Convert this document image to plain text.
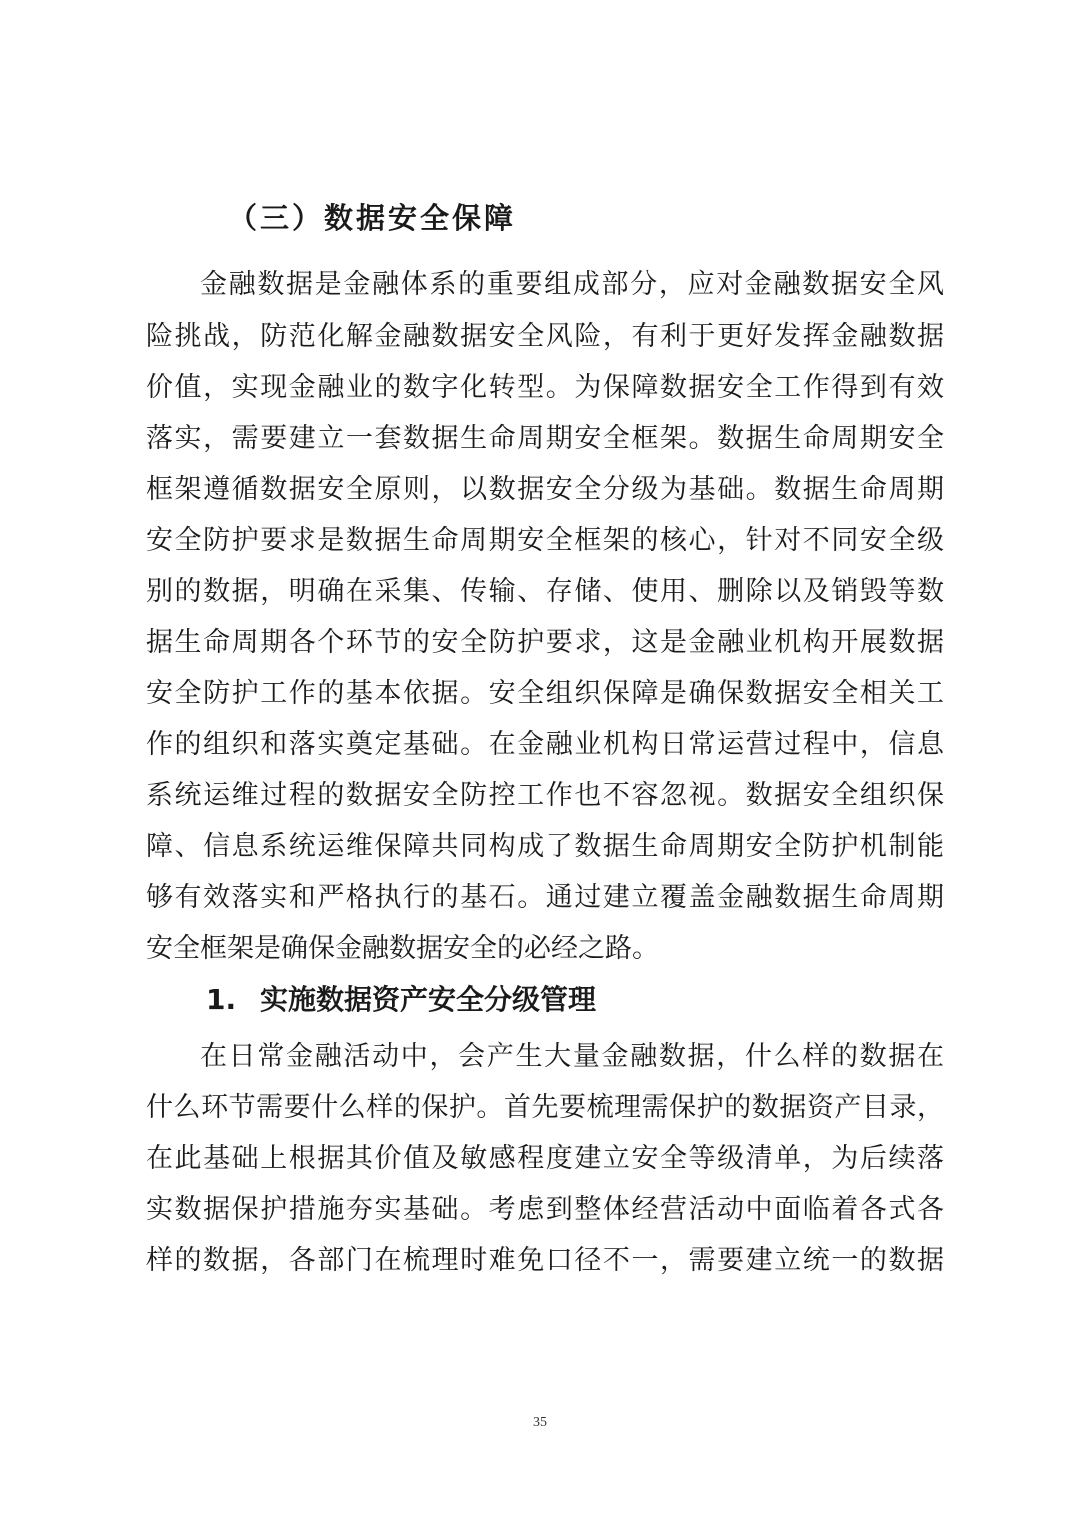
（三）数据安全保障
金融数据是金融体系的重要组成部分，应对金融数据安全风
险挑战，防范化解金融数据安全风险，有利于更好发挥金融数据
价值，实现金融业的数字化转型。为保障数据安全工作得到有效
落实，需要建立一套数据生命周期安全框架。数据生命周期安全
框架遵循数据安全原则，以数据安全分级为基础。数据生命周期
安全防护要求是数据生命周期安全框架的核心，针对不同安全级
别的数据，明确在采集、传输、存储、使用、删除以及销毁等数
据生命周期各个环节的安全防护要求，这是金融业机构开展数据
安全防护工作的基本依据。安全组织保障是确保数据安全相关工
作的组织和落实奠定基础。在金融业机构日常运营过程中，信息
系统运维过程的数据安全防控工作也不容忽视。数据安全组织保
障、信息系统运维保障共同构成了数据生命周期安全防护机制能
够有效落实和严格执行的基石。通过建立覆盖金融数据生命周期
安全框架是确保金融数据安全的必经之路。
1. 实施数据资产安全分级管理
在日常金融活动中，会产生大量金融数据，什么样的数据在
什么环节需要什么样的保护。首先要梳理需保护的数据资产目录，
在此基础上根据其价值及敏感程度建立安全等级清单，为后续落
实数据保护措施夯实基础。考虑到整体经营活动中面临着各式各
样的数据，各部门在梳理时难免口径不一，需要建立统一的数据
35
